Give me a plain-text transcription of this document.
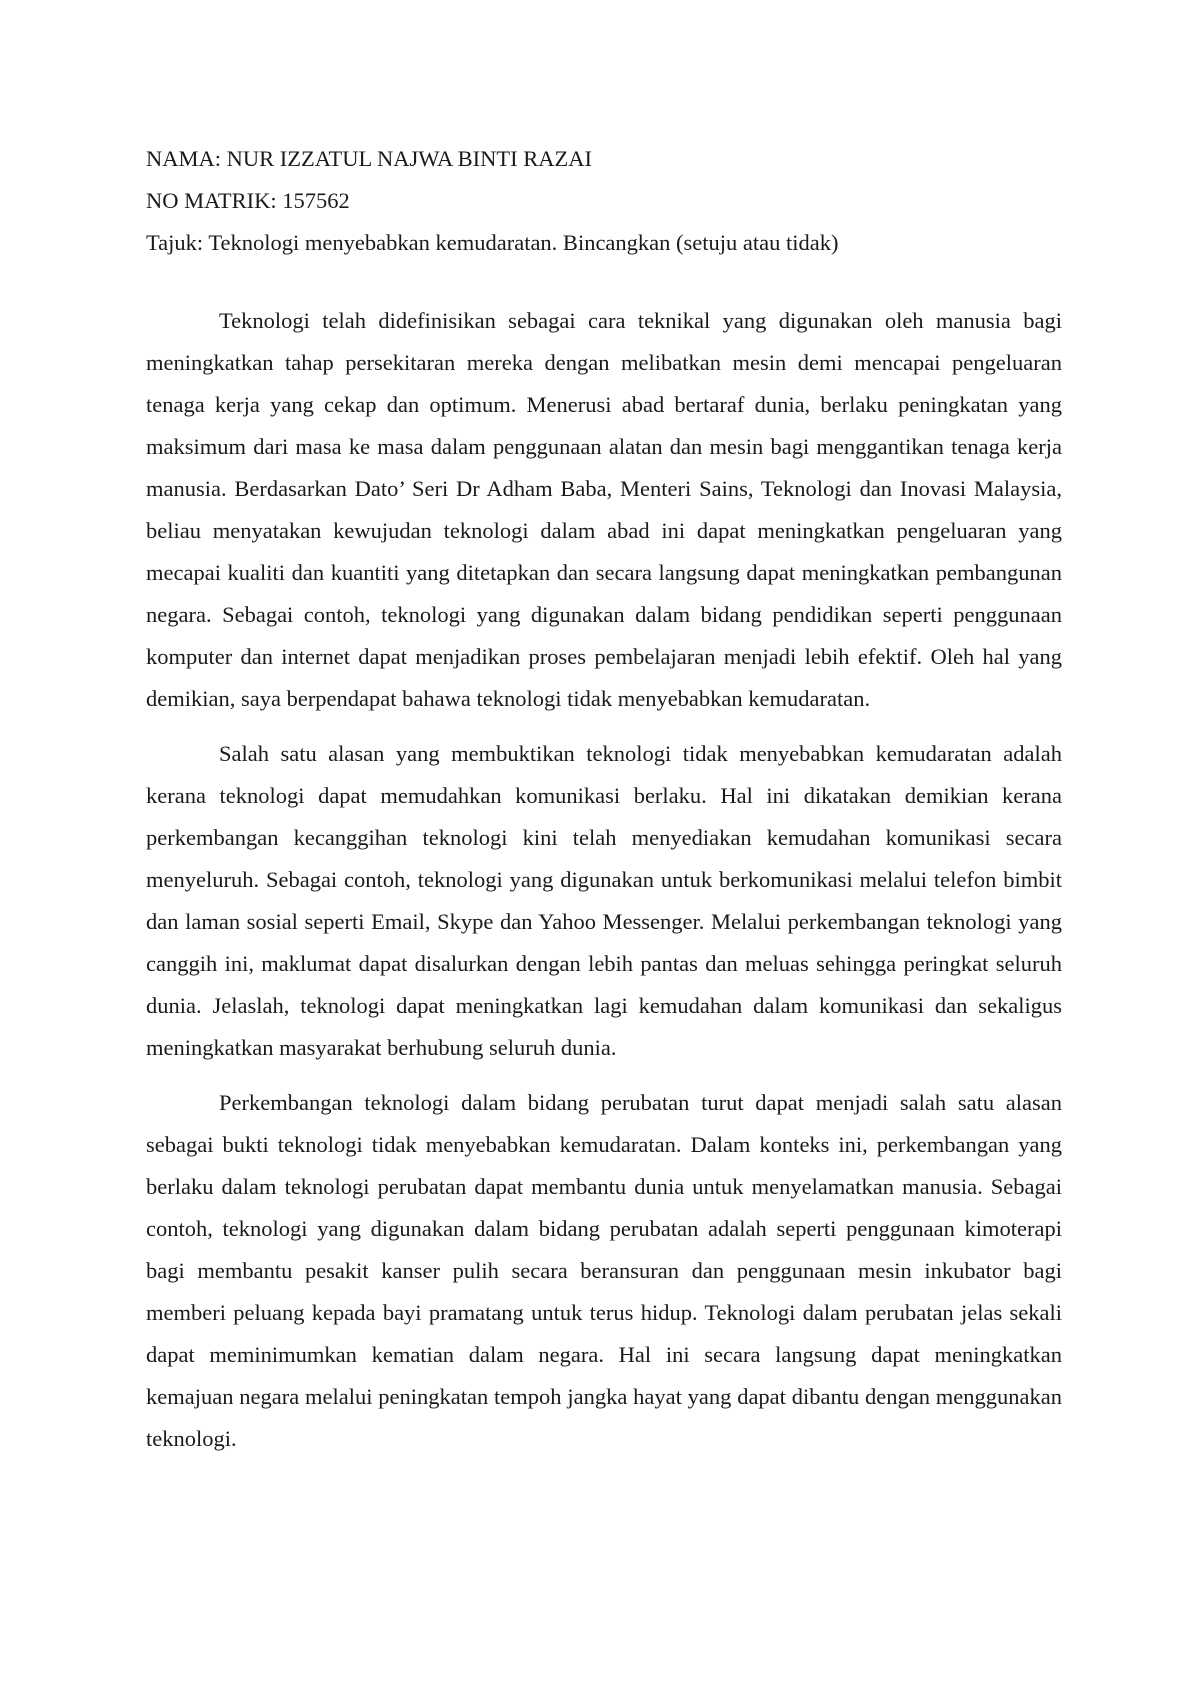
NAMA: NUR IZZATUL NAJWA BINTI RAZAI

NO MATRIK: 157562

Tajuk: Teknologi menyebabkan kemudaratan. Bincangkan (setuju atau tidak)

Teknologi telah didefinisikan sebagai cara teknikal yang digunakan oleh manusia bagi meningkatkan tahap persekitaran mereka dengan melibatkan mesin demi mencapai pengeluaran tenaga kerja yang cekap dan optimum. Menerusi abad bertaraf dunia, berlaku peningkatan yang maksimum dari masa ke masa dalam penggunaan alatan dan mesin bagi menggantikan tenaga kerja manusia. Berdasarkan Dato’ Seri Dr Adham Baba, Menteri Sains, Teknologi dan Inovasi Malaysia, beliau menyatakan kewujudan teknologi dalam abad ini dapat meningkatkan pengeluaran yang mecapai kualiti dan kuantiti yang ditetapkan dan secara langsung dapat meningkatkan pembangunan negara. Sebagai contoh, teknologi yang digunakan dalam bidang pendidikan seperti penggunaan komputer dan internet dapat menjadikan proses pembelajaran menjadi lebih efektif. Oleh hal yang demikian, saya berpendapat bahawa teknologi tidak menyebabkan kemudaratan.

Salah satu alasan yang membuktikan teknologi tidak menyebabkan kemudaratan adalah kerana teknologi dapat memudahkan komunikasi berlaku. Hal ini dikatakan demikian kerana perkembangan kecanggihan teknologi kini telah menyediakan kemudahan komunikasi secara menyeluruh. Sebagai contoh, teknologi yang digunakan untuk berkomunikasi melalui telefon bimbit dan laman sosial seperti Email, Skype dan Yahoo Messenger. Melalui perkembangan teknologi yang canggih ini, maklumat dapat disalurkan dengan lebih pantas dan meluas sehingga peringkat seluruh dunia. Jelaslah, teknologi dapat meningkatkan lagi kemudahan dalam komunikasi dan sekaligus meningkatkan masyarakat berhubung seluruh dunia.

Perkembangan teknologi dalam bidang perubatan turut dapat menjadi salah satu alasan sebagai bukti teknologi tidak menyebabkan kemudaratan. Dalam konteks ini, perkembangan yang berlaku dalam teknologi perubatan dapat membantu dunia untuk menyelamatkan manusia. Sebagai contoh, teknologi yang digunakan dalam bidang perubatan adalah seperti penggunaan kimoterapi bagi membantu pesakit kanser pulih secara beransuran dan penggunaan mesin inkubator bagi memberi peluang kepada bayi pramatang untuk terus hidup. Teknologi dalam perubatan jelas sekali dapat meminimumkan kematian dalam negara. Hal ini secara langsung dapat meningkatkan kemajuan negara melalui peningkatan tempoh jangka hayat yang dapat dibantu dengan menggunakan teknologi.
